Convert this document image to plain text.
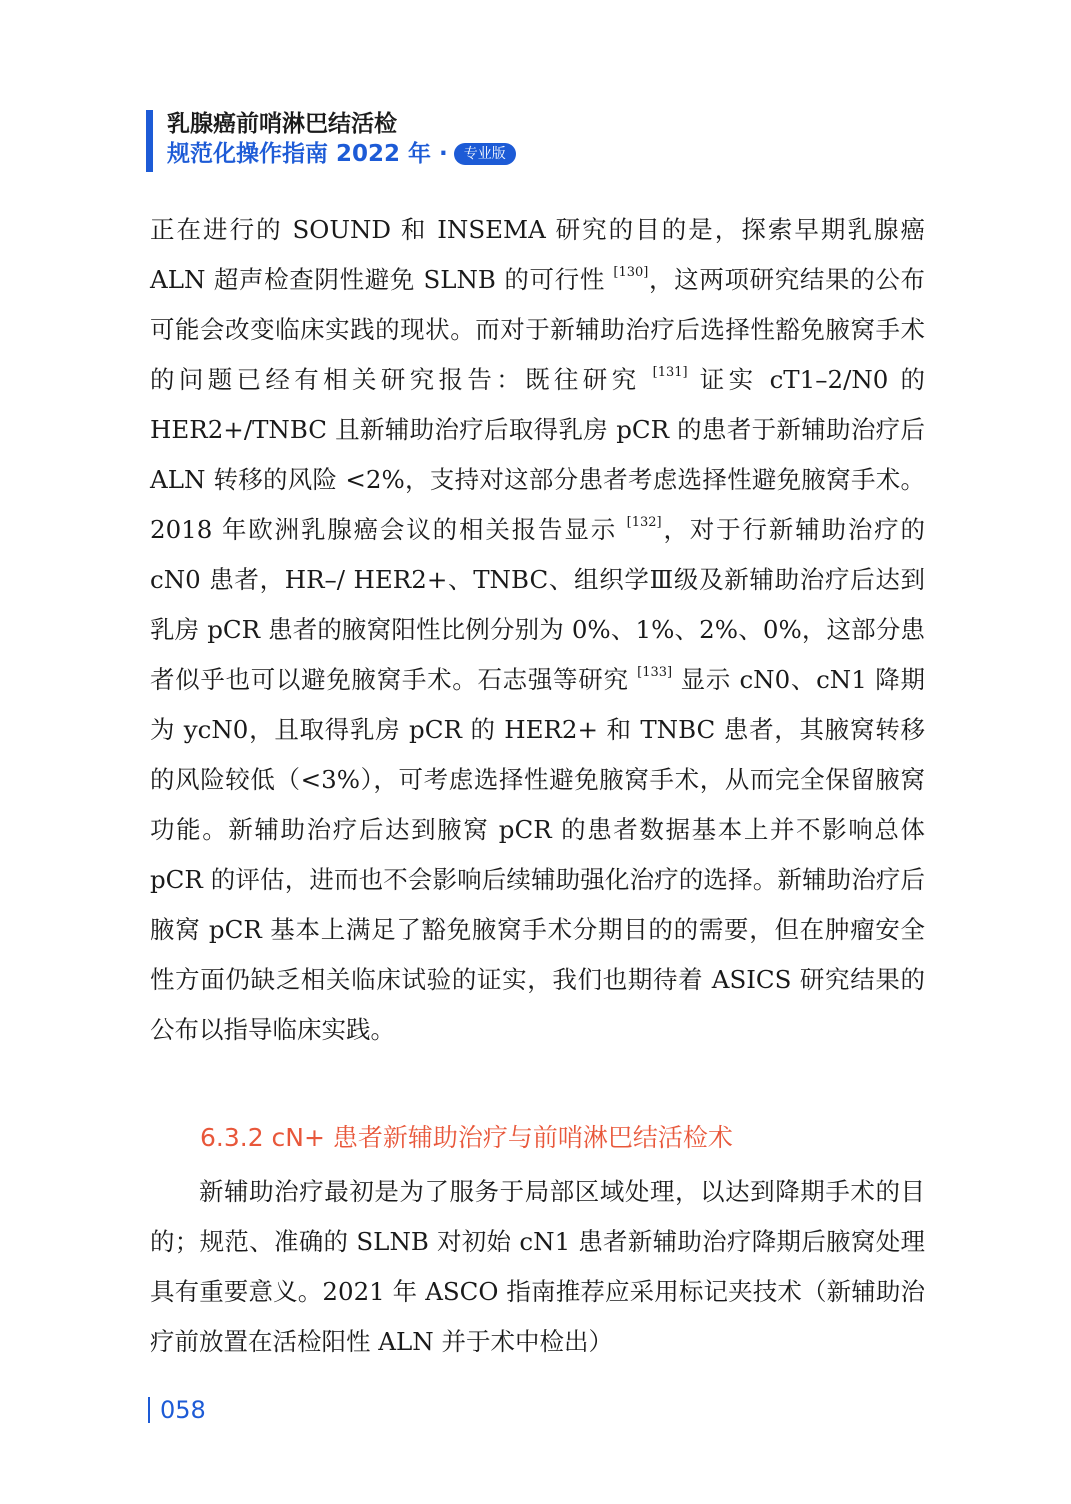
乳腺癌前哨淋巴结活检
规范化操作指南 2022 年 ·	专业版

正在进行的 SOUND 和 INSEMA 研究的目的是，探索早期乳腺癌 ALN 超声检查阴性避免 SLNB 的可行性 [130]，这两项研究结果的公布可能会改变临床实践的现状。而对于新辅助治疗后选择性豁免腋窝手术的问题已经有相关研究报告：既往研究 [131] 证实 cT1–2/N0 的 HER2+/TNBC 且新辅助治疗后取得乳房 pCR 的患者于新辅助治疗后 ALN 转移的风险 <2%，支持对这部分患者考虑选择性避免腋窝手术。2018 年欧洲乳腺癌会议的相关报告显示 [132]，对于行新辅助治疗的 cN0 患者，HR–/ HER2+、TNBC、组织学Ⅲ级及新辅助治疗后达到乳房 pCR 患者的腋窝阳性比例分别为 0%、1%、2%、0%，这部分患者似乎也可以避免腋窝手术。石志强等研究 [133] 显示 cN0、cN1 降期为 ycN0，且取得乳房 pCR 的 HER2+ 和 TNBC 患者，其腋窝转移的风险较低（<3%），可考虑选择性避免腋窝手术，从而完全保留腋窝功能。新辅助治疗后达到腋窝 pCR 的患者数据基本上并不影响总体 pCR 的评估，进而也不会影响后续辅助强化治疗的选择。新辅助治疗后腋窝 pCR 基本上满足了豁免腋窝手术分期目的的需要，但在肿瘤安全性方面仍缺乏相关临床试验的证实，我们也期待着 ASICS 研究结果的公布以指导临床实践。

6.3.2 cN+ 患者新辅助治疗与前哨淋巴结活检术

新辅助治疗最初是为了服务于局部区域处理，以达到降期手术的目的；规范、准确的 SLNB 对初始 cN1 患者新辅助治疗降期后腋窝处理具有重要意义。2021 年 ASCO 指南推荐应采用标记夹技术（新辅助治疗前放置在活检阳性 ALN 并于术中检出）

058
